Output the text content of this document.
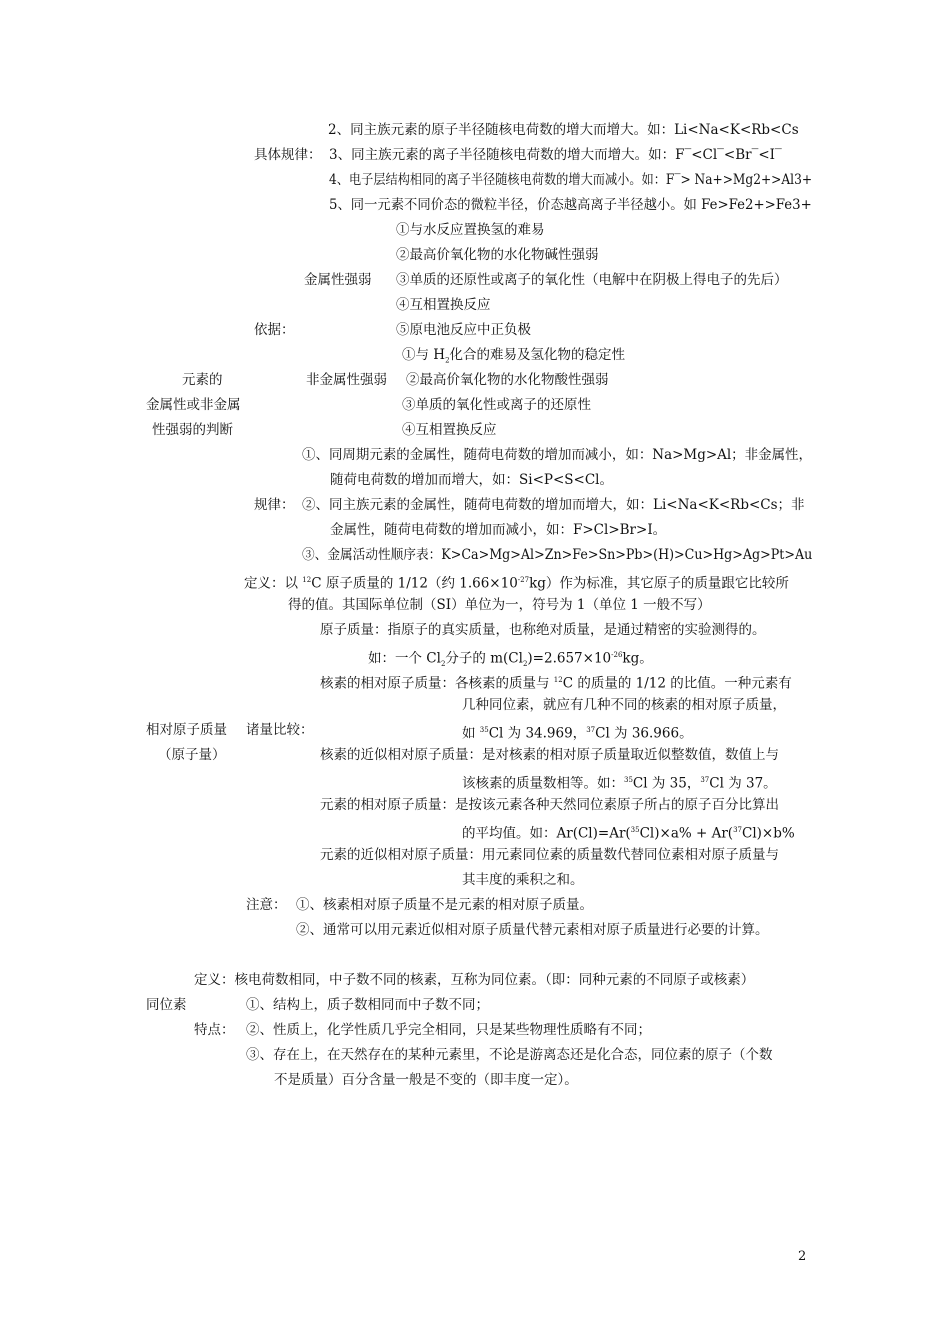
2、同主族元素的原子半径随核电荷数的增大而增大。如：Li<Na<K<Rb<Cs
具体规律： 3、同主族元素的离子半径随核电荷数的增大而增大。如：F‾<Cl‾<Br‾<I‾
4、电子层结构相同的离子半径随核电荷数的增大而减小。如：F‾> Na+>Mg2+>Al3+
5、同一元素不同价态的微粒半径，价态越高离子半径越小。如 Fe>Fe2+>Fe3+
①与水反应置换氢的难易
②最高价氧化物的水化物碱性强弱
金属性强弱 ③单质的还原性或离子的氧化性（电解中在阴极上得电子的先后）
④互相置换反应
依据：	⑤原电池反应中正负极
①与 $H_2$化合的难易及氢化物的稳定性
元素的	非金属性强弱 ②最高价氧化物的水化物酸性强弱
金属性或非金属	③单质的氧化性或离子的还原性
性强弱的判断	④互相置换反应
①、同周期元素的金属性，随荷电荷数的增加而减小，如：Na>Mg>Al；非金属性，
随荷电荷数的增加而增大，如：Si<P<S<Cl。
规律： ②、同主族元素的金属性，随荷电荷数的增加而增大，如：Li<Na<K<Rb<Cs；非
金属性，随荷电荷数的增加而减小，如：F>Cl>Br>I。
③、金属活动性顺序表：K>Ca>Mg>Al>Zn>Fe>Sn>Pb>(H)>Cu>Hg>Ag>Pt>Au
定义：以 $^{12}$C 原子质量的 1/12（约 $1.66\times 10^{-27}kg$）作为标准，其它原子的质量跟它比较所
得的值。其国际单位制（SI）单位为一，符号为 1（单位 1 一般不写）
原子质量：指原子的真实质量，也称绝对质量，是通过精密的实验测得的。
如：一个 $Cl_2$分子的 $m(Cl_2)=2.657\times 10^{-26}kg$。
核素的相对原子质量：各核素的质量与 $^{12}$C 的质量的 1/12 的比值。一种元素有
几种同位素，就应有几种不同的核素的相对原子质量，
相对原子质量 诸量比较：	如 $^{35}$Cl 为 34.969，$^{37}$Cl 为 36.966。
（原子量）	核素的近似相对原子质量：是对核素的相对原子质量取近似整数值，数值上与
该核素的质量数相等。如：$^{35}$Cl 为 35，$^{37}$Cl 为 37。
元素的相对原子质量：是按该元素各种天然同位素原子所占的原子百分比算出
的平均值。如：Ar(Cl)=Ar($^{35}$Cl)×a% + Ar($^{37}$Cl)×b%
元素的近似相对原子质量：用元素同位素的质量数代替同位素相对原子质量与
其丰度的乘积之和。
注意： ①、核素相对原子质量不是元素的相对原子质量。
②、通常可以用元素近似相对原子质量代替元素相对原子质量进行必要的计算。
定义：核电荷数相同，中子数不同的核素，互称为同位素。（即：同种元素的不同原子或核素）
同位素	①、结构上，质子数相同而中子数不同；
特点： ②、性质上，化学性质几乎完全相同，只是某些物理性质略有不同；
③、存在上，在天然存在的某种元素里，不论是游离态还是化合态，同位素的原子（个数
不是质量）百分含量一般是不变的（即丰度一定）。
2
